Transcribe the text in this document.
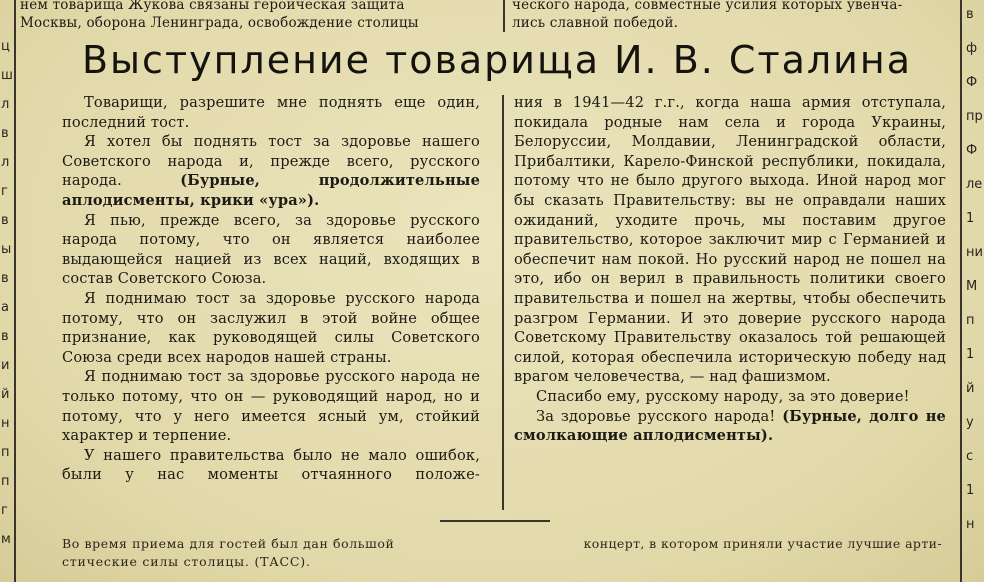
нем товарища Жукова связаны героическая защита
Москвы, оборона Ленинграда, освобождение столицы
ческого народа, совместные усилия которых увенча-
лись славной победой.
Выступление товарища И. В. Сталина

Товарищи, разрешите мне поднять еще один, последний тост.

Я хотел бы поднять тост за здоровье нашего Советского народа и, прежде всего, русского народа. (Бурные, продолжительные аплодисменты, крики «ура»).

Я пью, прежде всего, за здоровье русского народа потому, что он является наиболее выдающейся нацией из всех наций, входящих в состав Советского Союза.

Я поднимаю тост за здоровье русского народа потому, что он заслужил в этой войне общее признание, как руководящей силы Советского Союза среди всех народов нашей страны.

Я поднимаю тост за здоровье русского народа не только потому, что он — руководящий народ, но и потому, что у него имеется ясный ум, стойкий характер и терпение.

У нашего правительства было не мало ошибок, были у нас моменты отчаянного положе-

ния в 1941—42 г.г., когда наша армия отступала, покидала родные нам села и города Украины, Белоруссии, Молдавии, Ленинградской области, Прибалтики, Карело-Финской республики, покидала, потому что не было другого выхода. Иной народ мог бы сказать Правительству: вы не оправдали наших ожиданий, уходите прочь, мы поставим другое правительство, которое заключит мир с Германией и обеспечит нам покой. Но русский народ не пошел на это, ибо он верил в правильность политики своего правительства и пошел на жертвы, чтобы обеспечить разгром Германии. И это доверие русского народа Советскому Правительству оказалось той решающей силой, которая обеспечила историческую победу над врагом человечества, — над фашизмом.

Спасибо ему, русскому народу, за это доверие!

За здоровье русского народа! (Бурные, долго не смолкающие аплодисменты).

Во время приема для гостей был дан большой	концерт, в котором приняли участие лучшие арти-
стические силы столицы. (ТАСС).
ц
ш
л
в
л
г
в
ы
в
а
в
и
й
н
п
п
г
м
в
ф
Ф
пр
Ф
ле
1
ни
М
п
1
й
у
с
1
н
